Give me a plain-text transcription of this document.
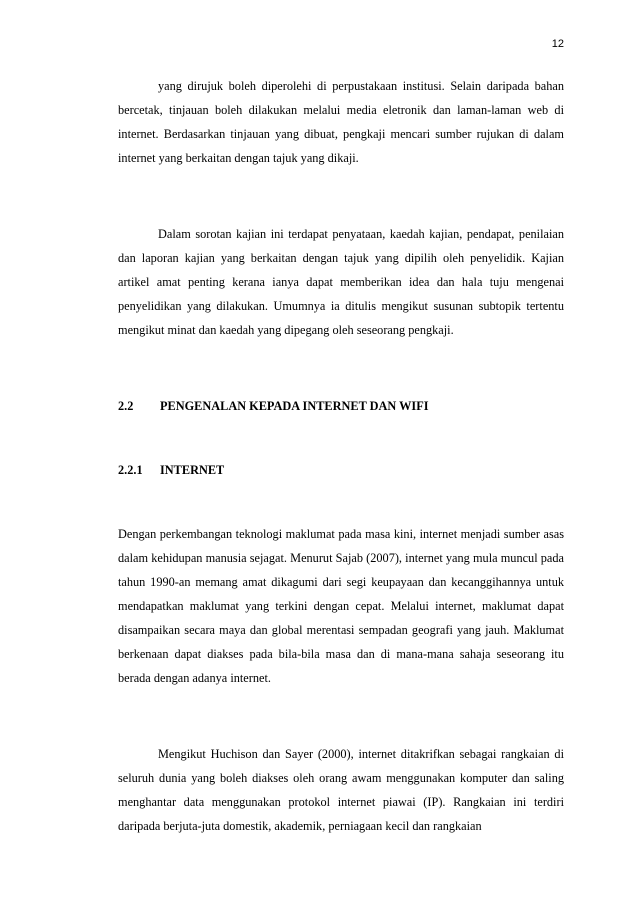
12

yang dirujuk boleh diperolehi di perpustakaan institusi. Selain daripada bahan bercetak, tinjauan boleh dilakukan melalui media eletronik dan laman-laman web di internet. Berdasarkan tinjauan yang dibuat, pengkaji mencari sumber rujukan di dalam internet yang berkaitan dengan tajuk yang dikaji.

Dalam sorotan kajian ini terdapat penyataan, kaedah kajian, pendapat, penilaian dan laporan kajian yang berkaitan dengan tajuk yang dipilih oleh penyelidik. Kajian artikel amat penting kerana ianya dapat memberikan idea dan hala tuju mengenai penyelidikan yang dilakukan. Umumnya ia ditulis mengikut susunan subtopik tertentu mengikut minat dan kaedah yang dipegang oleh seseorang pengkaji.

2.2	PENGENALAN KEPADA INTERNET DAN WIFI
2.2.1	INTERNET

Dengan perkembangan teknologi maklumat pada masa kini, internet menjadi sumber asas dalam kehidupan manusia sejagat. Menurut Sajab (2007), internet yang mula muncul pada tahun 1990-an memang amat dikagumi dari segi keupayaan dan kecanggihannya untuk mendapatkan maklumat yang terkini dengan cepat. Melalui internet, maklumat dapat disampaikan secara maya dan global merentasi sempadan geografi yang jauh. Maklumat berkenaan dapat diakses pada bila-bila masa dan di mana-mana sahaja seseorang itu berada dengan adanya internet.

Mengikut Huchison dan Sayer (2000), internet ditakrifkan sebagai rangkaian di seluruh dunia yang boleh diakses oleh orang awam menggunakan komputer dan saling menghantar data menggunakan protokol internet piawai (IP). Rangkaian ini terdiri daripada berjuta-juta domestik, akademik, perniagaan kecil dan rangkaian
